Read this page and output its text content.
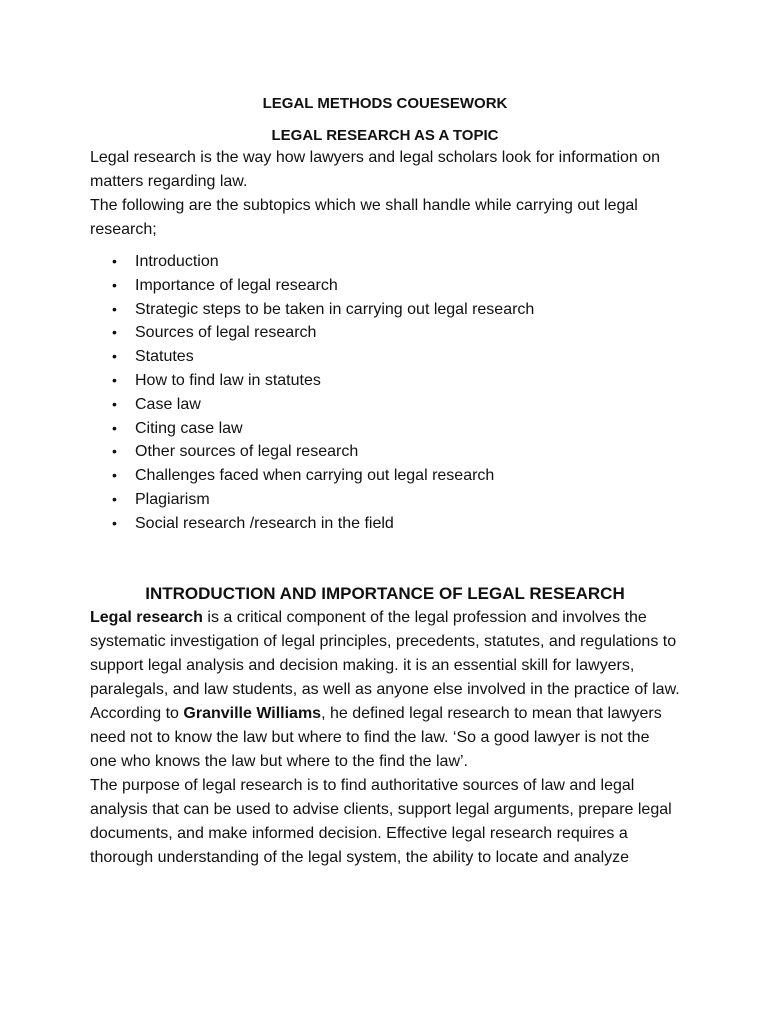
LEGAL METHODS COUESEWORK

LEGAL RESEARCH AS A TOPIC

Legal research is the way how lawyers and legal scholars look for information on matters regarding law.

The following are the subtopics which we shall handle while carrying out legal research;

• Introduction
• Importance of legal research
• Strategic steps to be taken in carrying out legal research
• Sources of legal research
• Statutes
• How to find law in statutes
• Case law
• Citing case law
• Other sources of legal research
• Challenges faced when carrying out legal research
• Plagiarism
• Social research /research in the field
INTRODUCTION AND IMPORTANCE OF LEGAL RESEARCH

Legal research is a critical component of the legal profession and involves the systematic investigation of legal principles, precedents, statutes, and regulations to support legal analysis and decision making. it is an essential skill for lawyers, paralegals, and law students, as well as anyone else involved in the practice of law. According to Granville Williams, he defined legal research to mean that lawyers need not to know the law but where to find the law. ‘So a good lawyer is not the one who knows the law but where to the find the law’.

The purpose of legal research is to find authoritative sources of law and legal analysis that can be used to advise clients, support legal arguments, prepare legal documents, and make informed decision. Effective legal research requires a thorough understanding of the legal system, the ability to locate and analyze
